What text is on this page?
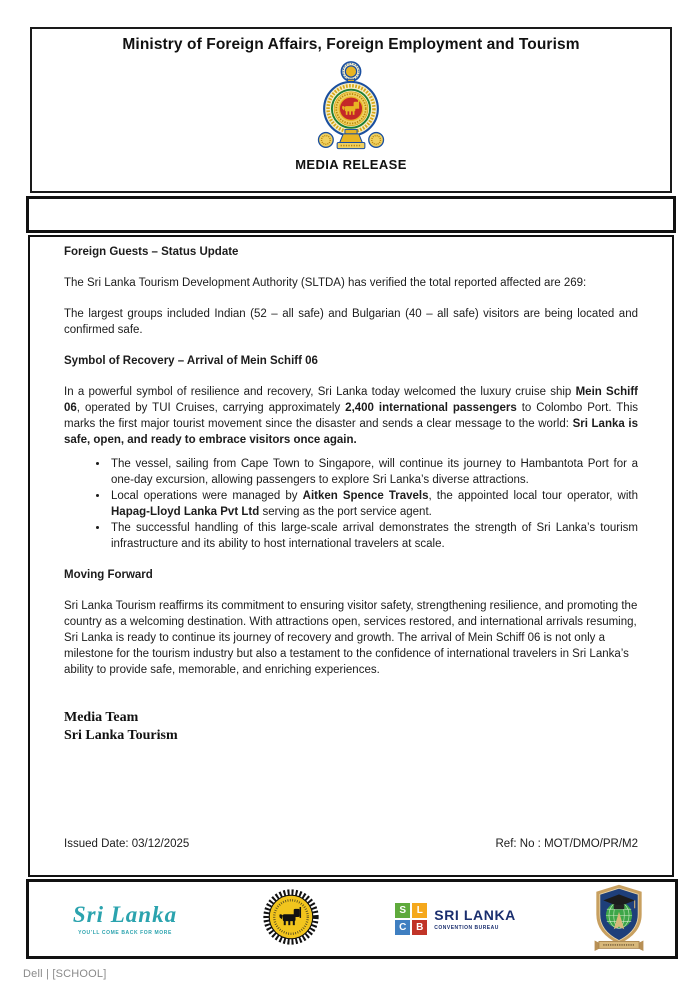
Ministry of Foreign Affairs, Foreign Employment and Tourism
MEDIA RELEASE
Foreign Guests – Status Update

The Sri Lanka Tourism Development Authority (SLTDA) has verified the total reported affected are 269:

The largest groups included Indian (52 – all safe) and Bulgarian (40 – all safe) visitors are being located and confirmed safe.

Symbol of Recovery – Arrival of Mein Schiff 06

In a powerful symbol of resilience and recovery, Sri Lanka today welcomed the luxury cruise ship Mein Schiff 06, operated by TUI Cruises, carrying approximately 2,400 international passengers to Colombo Port. This marks the first major tourist movement since the disaster and sends a clear message to the world: Sri Lanka is safe, open, and ready to embrace visitors once again.

• The vessel, sailing from Cape Town to Singapore, will continue its journey to Hambantota Port for a one-day excursion, allowing passengers to explore Sri Lanka’s diverse attractions.
• Local operations were managed by Aitken Spence Travels, the appointed local tour operator, with Hapag-Lloyd Lanka Pvt Ltd serving as the port service agent.
• The successful handling of this large-scale arrival demonstrates the strength of Sri Lanka’s tourism infrastructure and its ability to host international travelers at scale.
Moving Forward

Sri Lanka Tourism reaffirms its commitment to ensuring visitor safety, strengthening resilience, and promoting the country as a welcoming destination. With attractions open, services restored, and international arrivals resuming, Sri Lanka is ready to continue its journey of recovery and growth. The arrival of Mein Schiff 06 is not only a milestone for the tourism industry but also a testament to the confidence of international travelers in Sri Lanka’s ability to provide safe, memorable, and enriching experiences.

Media Team
Sri Lanka Tourism
Issued Date: 03/12/2025	Ref: No : MOT/DMO/PR/M2
Sri Lanka
YOU’LL COME BACK FOR MORE
S	L
C B
SRI LANKA
CONVENTION BUREAU
Dell | [SCHOOL]
